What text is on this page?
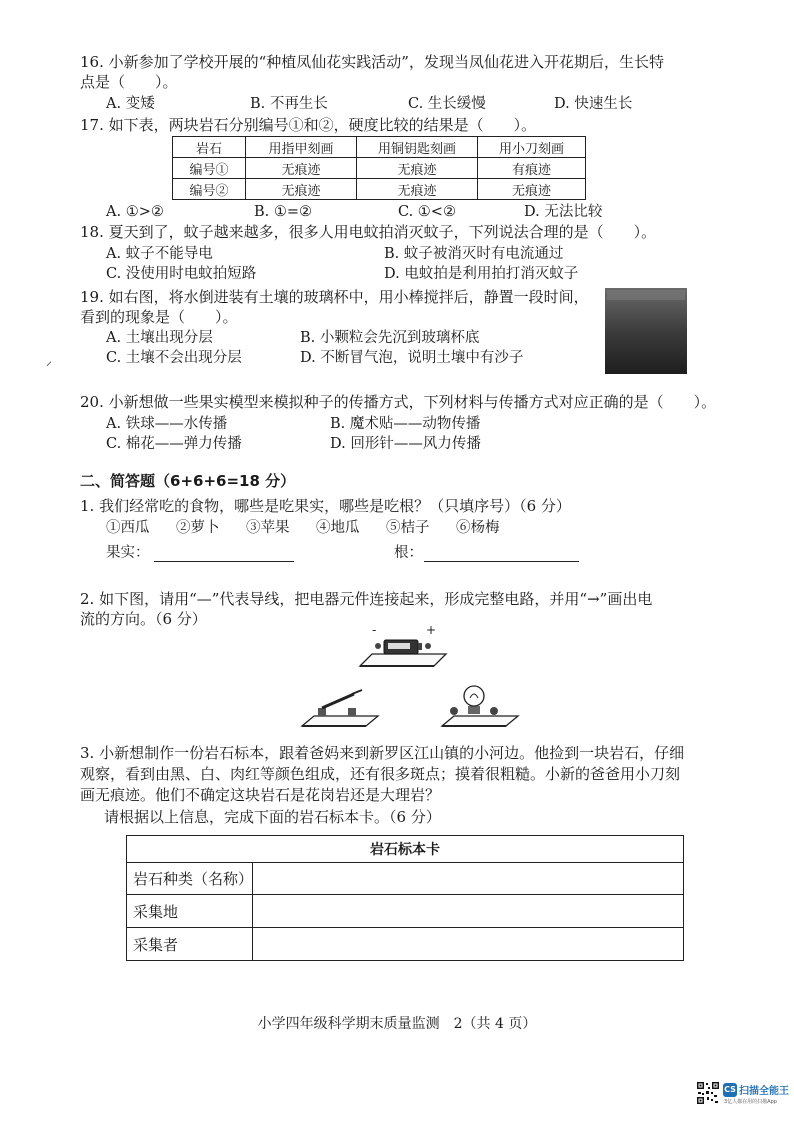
16. 小新参加了学校开展的“种植凤仙花实践活动”，发现当凤仙花进入开花期后，生长特
点是（　　）。
A. 变矮	B. 不再生长	C. 生长缓慢	D. 快速生长
17. 如下表，两块岩石分别编号①和②，硬度比较的结果是（　　）。
岩石	用指甲刻画	用铜钥匙刻画	用小刀刻画
编号①	无痕迹	无痕迹	有痕迹
编号②	无痕迹	无痕迹	无痕迹
A. ①>②	B. ①=②	C. ①<②	D. 无法比较
18. 夏天到了，蚊子越来越多，很多人用电蚊拍消灭蚊子，下列说法合理的是（　　）。
A. 蚊子不能导电	B. 蚊子被消灭时有电流通过
C. 没使用时电蚊拍短路	D. 电蚊拍是利用拍打消灭蚊子
19. 如右图，将水倒进装有土壤的玻璃杯中，用小棒搅拌后，静置一段时间，
看到的现象是（　　）。
A. 土壤出现分层	B. 小颗粒会先沉到玻璃杯底
C. 土壤不会出现分层	D. 不断冒气泡，说明土壤中有沙子
⸝
20. 小新想做一些果实模型来模拟种子的传播方式，下列材料与传播方式对应正确的是（　　）。
A. 铁球——水传播	B. 魔术贴——动物传播
C. 棉花——弹力传播	D. 回形针——风力传播
二、简答题（6+6+6=18 分）
1. 我们经常吃的食物，哪些是吃果实，哪些是吃根？（只填序号）（6 分）
①西瓜 ②萝卜 ③苹果 ④地瓜 ⑤桔子 ⑥杨梅
果实：	根：
2. 如下图，请用“—”代表导线，把电器元件连接起来，形成完整电路，并用“→”画出电
流的方向。（6 分）
-	+
3. 小新想制作一份岩石标本，跟着爸妈来到新罗区江山镇的小河边。他捡到一块岩石，仔细
观察，看到由黑、白、肉红等颜色组成，还有很多斑点；摸着很粗糙。小新的爸爸用小刀刻
画无痕迹。他们不确定这块岩石是花岗岩还是大理岩？
请根据以上信息，完成下面的岩石标本卡。（6 分）
岩石标本卡	
岩石种类（名称）	
采集地	
采集者	
小学四年级科学期末质量监测　2（共 4 页）
CS 扫描全能王
3亿人都在用的扫描App
